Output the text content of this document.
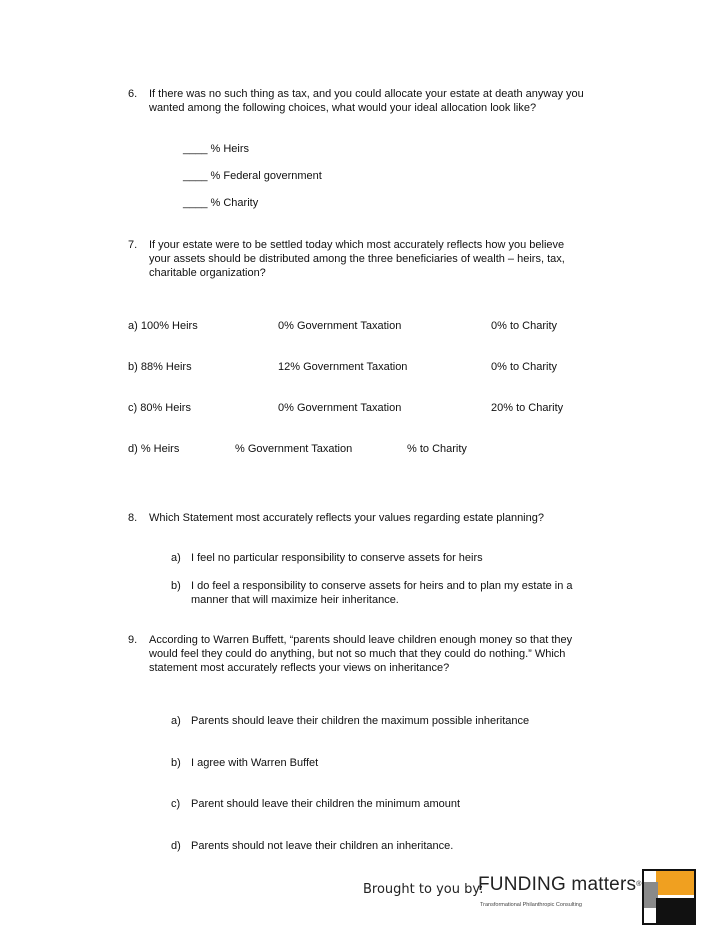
6. If there was no such thing as tax, and you could allocate your estate at death anyway you
wanted among the following choices, what would your ideal allocation look like?
____ % Heirs
____ % Federal government
____ % Charity
7. If your estate were to be settled today which most accurately reflects how you believe
your assets should be distributed among the three beneficiaries of wealth – heirs, tax,
charitable organization?
a) 100% Heirs	0% Government Taxation	0% to Charity
b) 88% Heirs	12% Government Taxation	0% to Charity
c) 80% Heirs	0% Government Taxation	20% to Charity
d) % Heirs	% Government Taxation	% to Charity
8. Which Statement most accurately reflects your values regarding estate planning?
a) I feel no particular responsibility to conserve assets for heirs
b) I do feel a responsibility to conserve assets for heirs and to plan my estate in a
manner that will maximize heir inheritance.
9. According to Warren Buffett, “parents should leave children enough money so that they
would feel they could do anything, but not so much that they could do nothing.” Which
statement most accurately reflects your views on inheritance?
a) Parents should leave their children the maximum possible inheritance
b) I agree with Warren Buffet
c) Parent should leave their children the minimum amount
d) Parents should not leave their children an inheritance.
Brought to you by:
FUNDING matters®
Transformational Philanthropic Consulting
